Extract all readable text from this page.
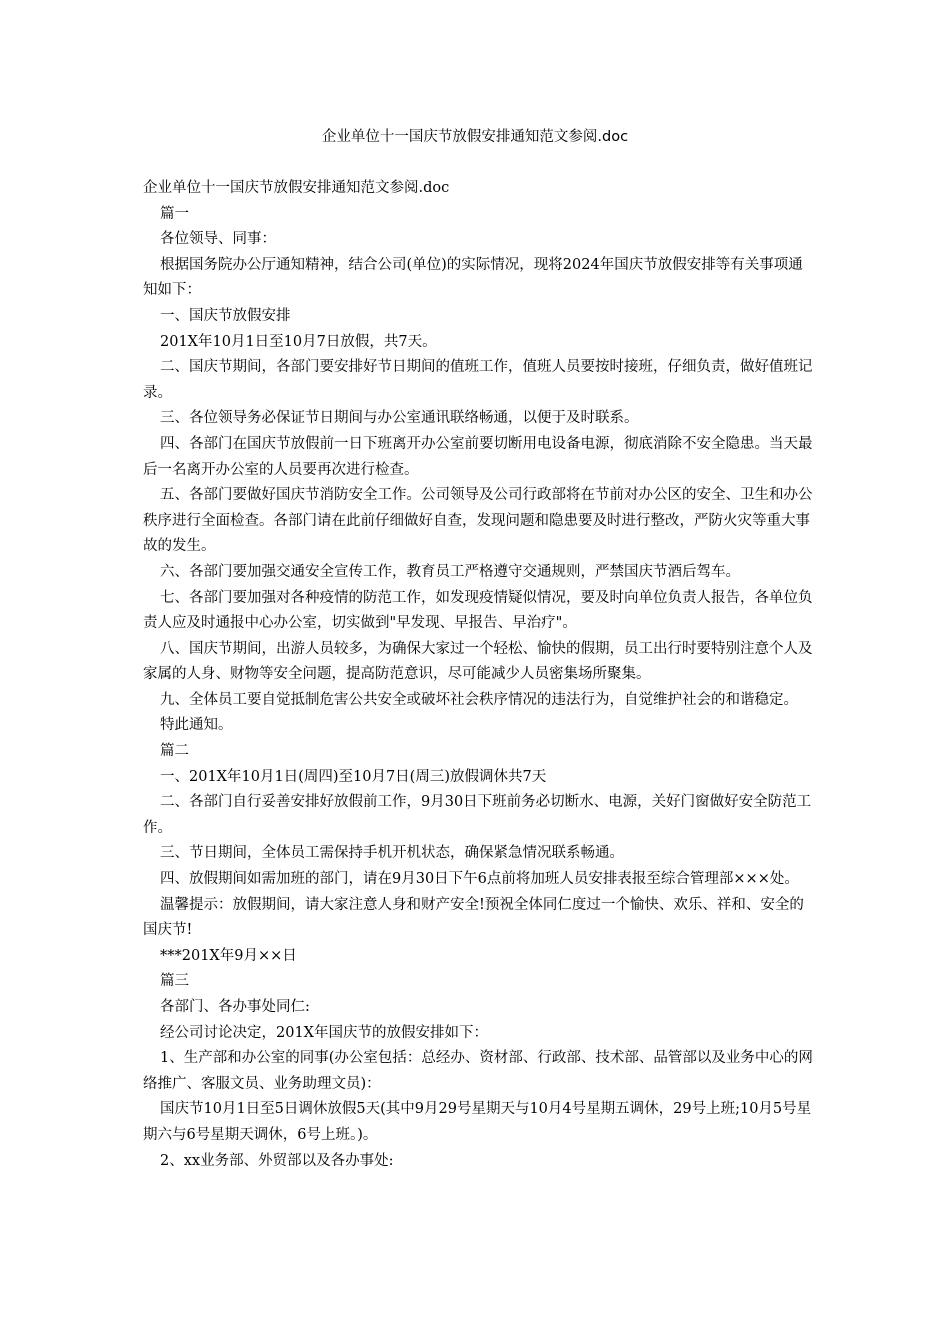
企业单位十一国庆节放假安排通知范文参阅.doc

企业单位十一国庆节放假安排通知范文参阅.doc

篇一

各位领导、同事：

根据国务院办公厅通知精神，结合公司(单位)的实际情况，现将2024年国庆节放假安排等有关事项通知如下：

一、国庆节放假安排

201X年10月1日至10月7日放假，共7天。

二、国庆节期间，各部门要安排好节日期间的值班工作，值班人员要按时接班，仔细负责，做好值班记录。

三、各位领导务必保证节日期间与办公室通讯联络畅通，以便于及时联系。

四、各部门在国庆节放假前一日下班离开办公室前要切断用电设备电源，彻底消除不安全隐患。当天最后一名离开办公室的人员要再次进行检查。

五、各部门要做好国庆节消防安全工作。公司领导及公司行政部将在节前对办公区的安全、卫生和办公秩序进行全面检查。各部门请在此前仔细做好自查，发现问题和隐患要及时进行整改，严防火灾等重大事故的发生。

六、各部门要加强交通安全宣传工作，教育员工严格遵守交通规则，严禁国庆节酒后驾车。

七、各部门要加强对各种疫情的防范工作，如发现疫情疑似情况，要及时向单位负责人报告，各单位负责人应及时通报中心办公室，切实做到"早发现、早报告、早治疗"。

八、国庆节期间，出游人员较多，为确保大家过一个轻松、愉快的假期，员工出行时要特别注意个人及家属的人身、财物等安全问题，提高防范意识，尽可能减少人员密集场所聚集。

九、全体员工要自觉抵制危害公共安全或破坏社会秩序情况的违法行为，自觉维护社会的和谐稳定。

特此通知。

篇二

一、201X年10月1日(周四)至10月7日(周三)放假调休共7天

二、各部门自行妥善安排好放假前工作，9月30日下班前务必切断水、电源，关好门窗做好安全防范工作。

三、节日期间，全体员工需保持手机开机状态，确保紧急情况联系畅通。

四、放假期间如需加班的部门，请在9月30日下午6点前将加班人员安排表报至综合管理部×××处。

温馨提示：放假期间，请大家注意人身和财产安全!预祝全体同仁度过一个愉快、欢乐、祥和、安全的国庆节!

***201X年9月××日

篇三

各部门、各办事处同仁:

经公司讨论决定，201X年国庆节的放假安排如下：

1、生产部和办公室的同事(办公室包括：总经办、资材部、行政部、技术部、品管部以及业务中心的网络推广、客服文员、业务助理文员)：

国庆节10月1日至5日调休放假5天(其中9月29号星期天与10月4号星期五调休，29号上班;10月5号星期六与6号星期天调休，6号上班。)。

2、xx业务部、外贸部以及各办事处:
